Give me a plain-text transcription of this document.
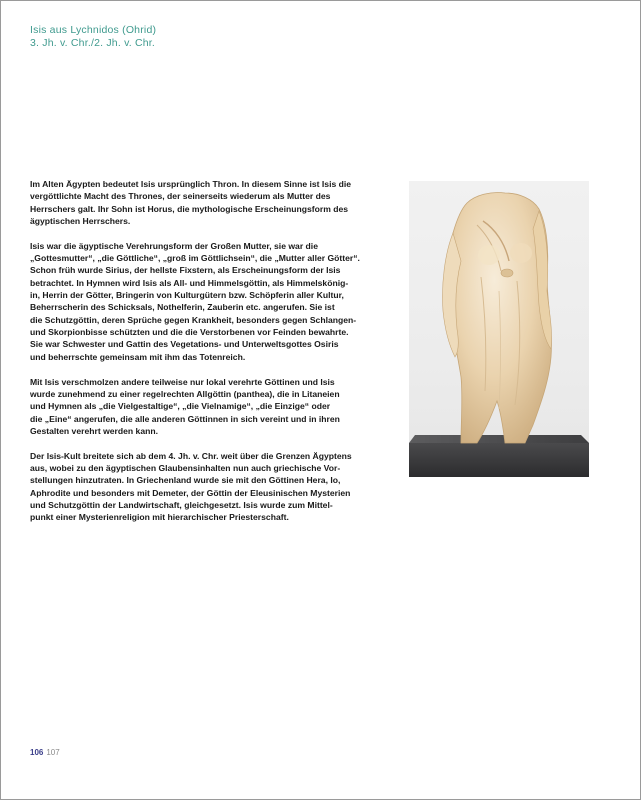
Isis aus Lychnidos (Ohrid)
3. Jh. v. Chr./2. Jh. v. Chr.
Im Alten Ägypten bedeutet Isis ursprünglich Thron. In diesem Sinne ist Isis die
vergöttlichte Macht des Thrones, der seinerseits wiederum als Mutter des
Herrschers galt. Ihr Sohn ist Horus, die mythologische Erscheinungsform des
ägyptischen Herrschers.
Isis war die ägyptische Verehrungsform der Großen Mutter, sie war die
„Gottesmutter“, „die Göttliche“, „groß im Göttlichsein“, die „Mutter aller Götter“.
Schon früh wurde Sirius, der hellste Fixstern, als Erscheinungsform der Isis
betrachtet. In Hymnen wird Isis als All- und Himmelsgöttin, als Himmelskönig-
in, Herrin der Götter, Bringerin von Kulturgütern bzw. Schöpferin aller Kultur,
Beherrscherin des Schicksals, Nothelferin, Zauberin etc. angerufen. Sie ist
die Schutzgöttin, deren Sprüche gegen Krankheit, besonders gegen Schlangen-
und Skorpionbisse schützten und die die Verstorbenen vor Feinden bewahrte.
Sie war Schwester und Gattin des Vegetations- und Unterweltsgottes Osiris
und beherrschte gemeinsam mit ihm das Totenreich.
Mit Isis verschmolzen andere teilweise nur lokal verehrte Göttinen und Isis
wurde zunehmend zu einer regelrechten Allgöttin (panthea), die in Litaneien
und Hymnen als „die Vielgestaltige“, „die Vielnamige“, „die Einzige“ oder
die „Eine“ angerufen, die alle anderen Göttinnen in sich vereint und in ihren
Gestalten verehrt werden kann.
Der Isis-Kult breitete sich ab dem 4. Jh. v. Chr. weit über die Grenzen Ägyptens
aus, wobei zu den ägyptischen Glaubensinhalten nun auch griechische Vor-
stellungen hinzutraten. In Griechenland wurde sie mit den Göttinen Hera, Io,
Aphrodite und besonders mit Demeter, der Göttin der Eleusinischen Mysterien
und Schutzgöttin der Landwirtschaft, gleichgesetzt. Isis wurde zum Mittel-
punkt einer Mysterienreligion mit hierarchischer Priesterschaft.
106 107
